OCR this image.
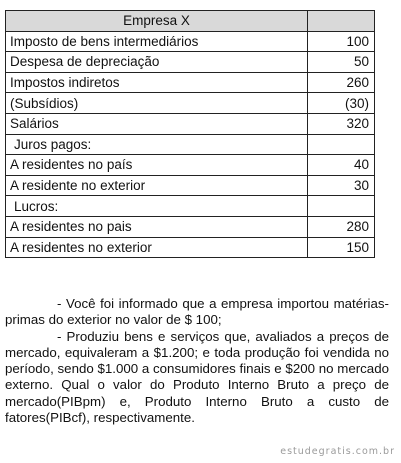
Empresa X	
Imposto de bens intermediários	100
Despesa de depreciação	50
Impostos indiretos	260
(Subsídios)	(30)
Salários	320
Juros pagos:	
A residentes no país	40
A residente no exterior	30
Lucros:	
A residentes no pais	280
A residentes no exterior	150

- Você foi informado que a empresa importou matérias-primas do exterior no valor de $ 100;

- Produziu bens e serviços que, avaliados a preços de mercado, equivaleram a $1.200; e toda produção foi vendida no período, sendo $1.000 a consumidores finais e $200 no mercado externo. Qual o valor do Produto Interno Bruto a preço de mercado(PIBpm) e, Produto Interno Bruto a custo de fatores(PIBcf), respectivamente.

estudegratis.com.br
